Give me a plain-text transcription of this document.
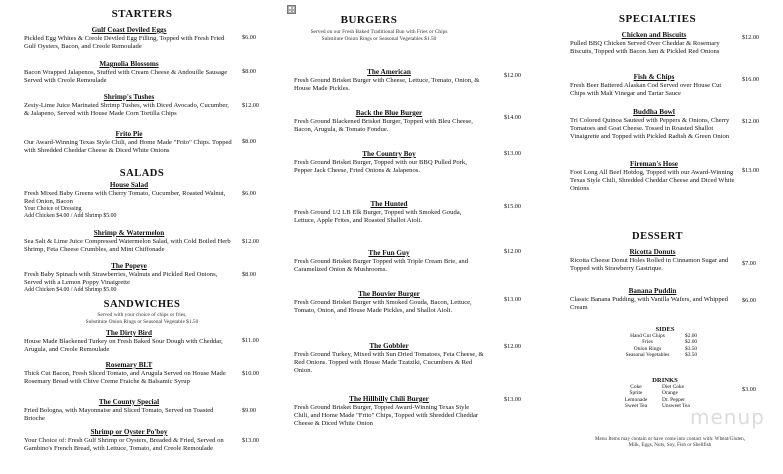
STARTERS
Gulf Coast Deviled Eggs
Pickled Egg Whites & Creole Deviled Egg Filling, Topped with Fresh Fried Gulf Oysters, Bacon, and Creole Remoulade
$6.00
Magnolia Blossoms
Bacon Wrapped Jalapenos, Stuffed with Cream Cheese & Andouille Sausage Served with Creole Remoulade
$8.00
Shrimp's Tushes
Zesty-Lime Juice Marinated Shrimp Tushes, with Diced Avocado, Cucumber, & Jalapeno, Served with House Made Corn Tortilla Chips
$12.00
Frito Pie
Our Award-Winning Texas Style Chili, and Home Made "Frito" Chips. Topped with Shredded Cheddar Cheese & Diced White Onions
$8.00
SALADS
House Salad
Fresh Mixed Baby Greens with Cherry Tomato, Cucumber, Roasted Walnut, Red Onion, Bacon
Your Choice of Dressing
Add Chicken $4.00 / Add Shrimp $5.00
$6.00
Shrimp & Watermelon
Sea Salt & Lime Juice Compressed Watermelon Salad, with Cold Boiled Herb Shrimp, Feta Cheese Crumbles, and Mint Chiffonade
$12.00
The Popeye
Fresh Baby Spinach with Strawberries, Walnuts and Pickled Red Onions, Served with a Lemon Poppy Vinaigrette
Add Chicken $4.00 / Add Shrimp $5.00
$8.00
SANDWICHES
Served with your choice of chips or fries,
Substitute Onion Rings or Seasonal Vegetable $1.50
The Dirty Bird
House Made Blackened Turkey on Fresh Baked Sour Dough with Cheddar, Arugula, and Creole Remoulade
$11.00
Rosemary BLT
Thick Cut Bacon, Fresh Sliced Tomato, and Arugula Served on House Made Rosemary Bread with Chive Creme Fraiche & Balsamic Syrup
$10.00
The County Special
Fried Bologna, with Mayonnaise and Sliced Tomato, Served on Toasted Brioche
$9.00
Shrimp or Oyster Po'boy
Your Choice of: Fresh Gulf Shrimp or Oysters, Breaded & Fried, Served on Gambino's French Bread, with Lettuce, Tomato, and Creole Remoulade
$13.00
BURGERS
Served on our Fresh Baked Traditional Bun with Fries or Chips
Substitute Onion Rings or Seasonal Vegetables $1.50
The American
Fresh Ground Brisket Burger with Cheese, Lettuce, Tomato, Onion, & House Made Pickles.
$12.00
Back the Blue Burger
Fresh Ground Blackened Brisket Burger, Topped with Bleu Cheese, Bacon, Arugula, & Tomato Fondue.
$14.00
The Country Boy
Fresh Ground Brisket Burger, Topped with our BBQ Pulled Pork, Pepper Jack Cheese, Fried Onions & Jalapenos.
$13.00
The Hunted
Fresh Ground 1/2 LB Elk Burger, Topped with Smoked Gouda, Lettuce, Apple Frites, and Roasted Shallot Aioli.
$15.00
The Fun Guy
Fresh Ground Brisket Burger Topped with Triple Cream Brie, and Caramelized Onion & Mushrooms.
$12.00
The Bouvier Burger
Fresh Ground Brisket Burger with Smoked Gouda, Bacon, Lettuce, Tomato, Onion, and House Made Pickles, and Shallot Aioli.
$13.00
The Gobbler
Fresh Ground Turkey, Mixed with Sun Dried Tomatoes, Feta Cheese, & Red Onions. Topped with House Made Tzatziki, Cucumbers & Red Onion.
$12.00
The Hillbilly Chili Burger
Fresh Ground Brisket Burger, Topped Award-Winning Texas Style Chili, and Home Made "Frito" Chips, Topped with Shredded Cheddar Cheese & Diced White Onion
$13.00
SPECIALTIES
Chicken and Biscuits
Pulled BBQ Chicken Served Over Cheddar & Rosemary Biscuits, Topped with Bacon Jam & Pickled Red Onions
$12.00
Fish & Chips
Fresh Beer Battered Alaskan Cod Served over House Cut Chips with Malt Vinegar and Tartar Sauce
$16.00
Buddha Bowl
Tri Colored Quinoa Sauteed with Peppers & Onions, Cherry Tomatoes and Goat Cheese. Tossed in Roasted Shallot Vinaigrette and Topped with Pickled Radish & Green Onion
$12.00
Fireman's Hose
Foot Long All Beef Hotdog, Topped with our Award-Winning Texas Style Chili, Shredded Cheddar Cheese and Diced White Onions
$13.00
DESSERT
Ricotta Donuts
Ricotta Cheese Donut Holes Rolled in Cinnamon Sugar and Topped with Strawberry Gastrique.
$7.00
Banana Puddin
Classic Banana Pudding, with Vanilla Wafers, and Whipped Cream
$6.00
SIDES
Hand Cut Chips	$2.00
Fries	$2.00
Onion Rings	$3.50
Seasonal Vegetables	$3.50
DRINKS
Coke	Diet Coke
Sprite	Orange
Lemonade	Dr. Pepper
Sweet Tea	Unsweet Tea
$3.00
Menu Items may contain or have come into contact with: Wheat/Gluten, Milk, Eggs, Nuts, Soy, Fish or Shellfish
menup
